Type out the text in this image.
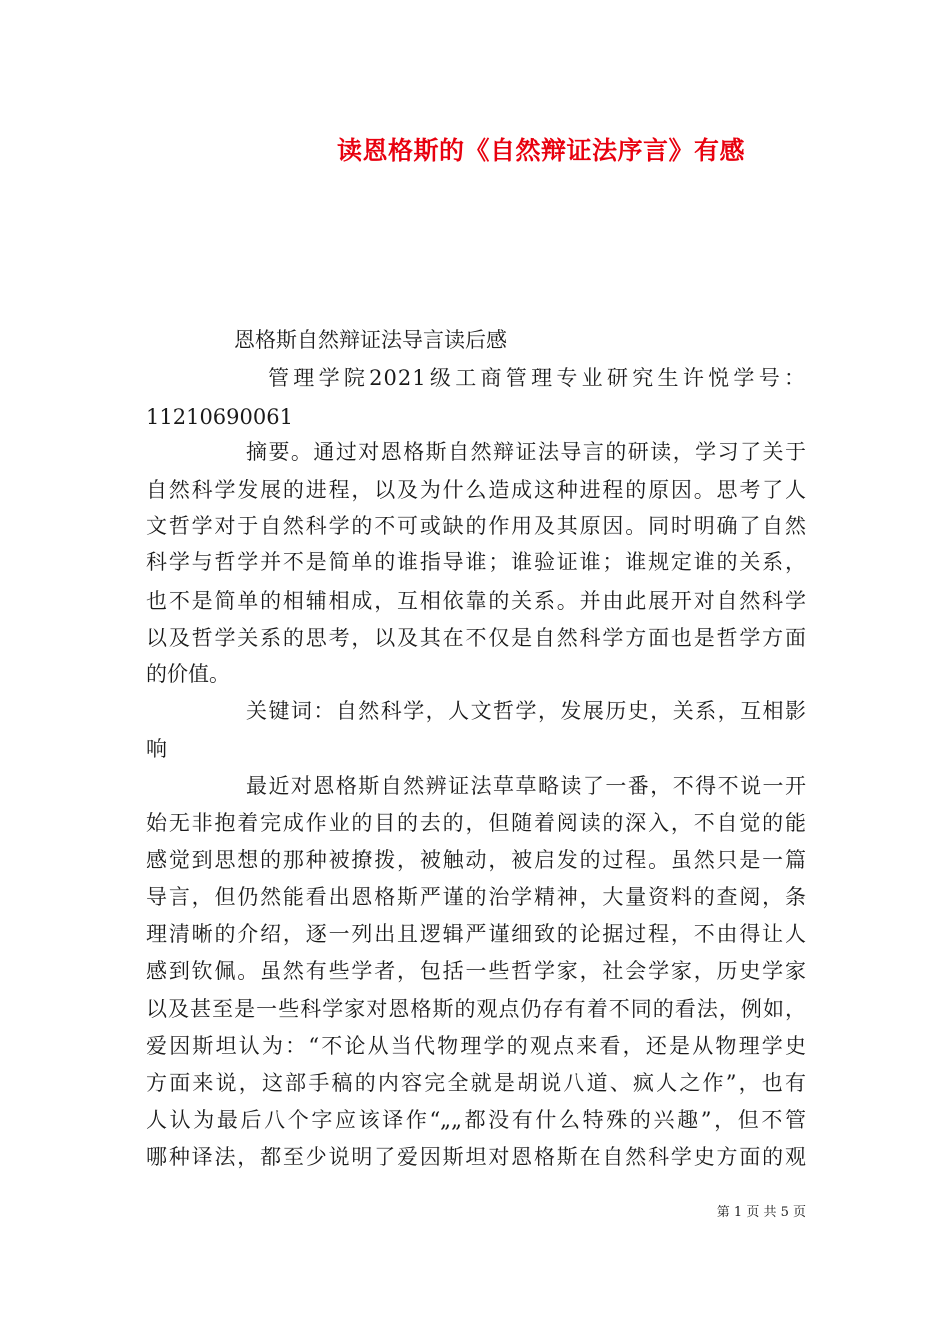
读恩格斯的《自然辩证法序言》有感
恩格斯自然辩证法导言读后感
管理学院2021级工商管理专业研究生许悦学号：
11210690061
摘要。通过对恩格斯自然辩证法导言的研读，学习了关于
自然科学发展的进程，以及为什么造成这种进程的原因。思考了人
文哲学对于自然科学的不可或缺的作用及其原因。同时明确了自然
科学与哲学并不是简单的谁指导谁；谁验证谁；谁规定谁的关系，
也不是简单的相辅相成，互相依靠的关系。并由此展开对自然科学
以及哲学关系的思考，以及其在不仅是自然科学方面也是哲学方面
的价值。
关键词：自然科学，人文哲学，发展历史，关系，互相影
响
最近对恩格斯自然辨证法草草略读了一番，不得不说一开
始无非抱着完成作业的目的去的，但随着阅读的深入，不自觉的能
感觉到思想的那种被撩拨，被触动，被启发的过程。虽然只是一篇
导言，但仍然能看出恩格斯严谨的治学精神，大量资料的查阅，条
理清晰的介绍，逐一列出且逻辑严谨细致的论据过程，不由得让人
感到钦佩。虽然有些学者，包括一些哲学家，社会学家，历史学家
以及甚至是一些科学家对恩格斯的观点仍存有着不同的看法，例如，
爱因斯坦认为：“不论从当代物理学的观点来看，还是从物理学史
方面来说，这部手稿的内容完全就是胡说八道、疯人之作”，也有
人认为最后八个字应该译作“„„都没有什么特殊的兴趣”，但不管
哪种译法，都至少说明了爱因斯坦对恩格斯在自然科学史方面的观
第 1 页 共 5 页
